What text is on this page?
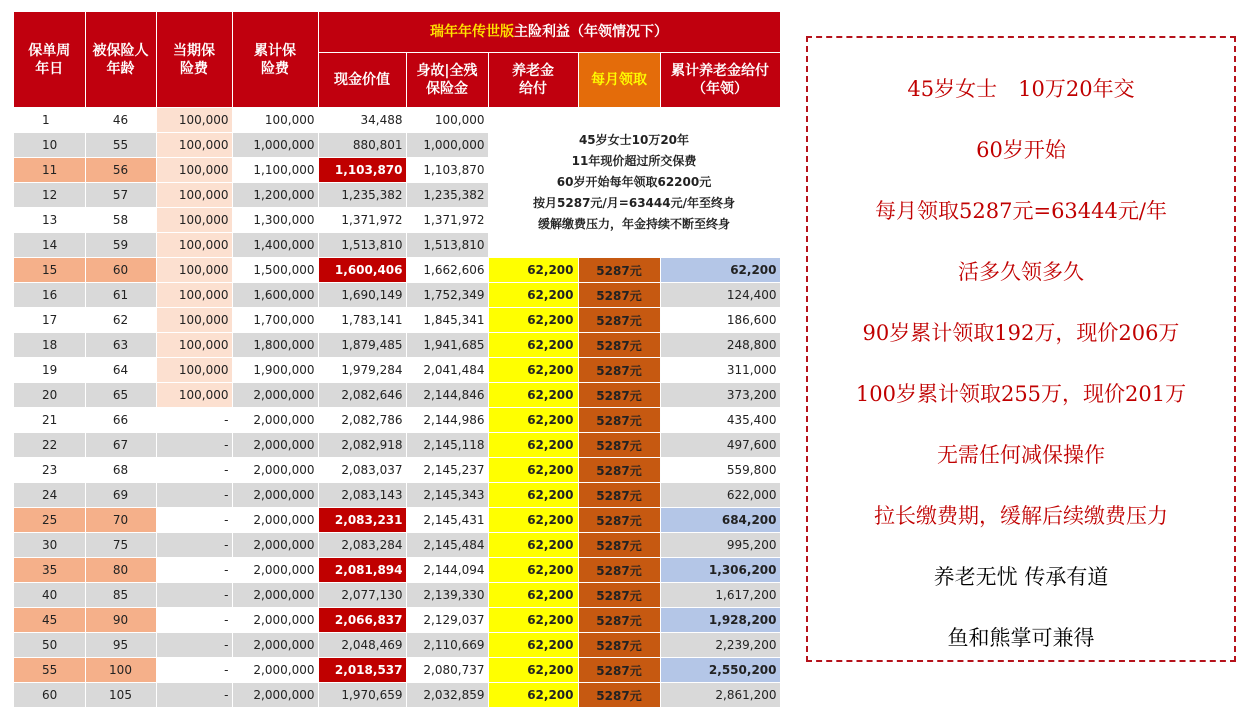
保单周年日	被保险人年龄	当期保险费	累计保险费	瑞年年传世版主险利益（年领情况下）				
				现金价值	身故|全残保险金	养老金给付	每月领取	累计养老金给付（年领）

1	46	100,000	100,000	34,488	100,000	45岁女士10万20年
11年现价超过所交保费
60岁开始每年领取62200元
按月5287元/月=63444元/年至终身
缓解缴费压力，年金持续不断至终身		

10	55	100,000	1,000,000	880,801	1,000,000			
11	56	100,000	1,100,000	1,103,870	1,103,870			
12	57	100,000	1,200,000	1,235,382	1,235,382			
13	58	100,000	1,300,000	1,371,972	1,371,972			
14	59	100,000	1,400,000	1,513,810	1,513,810			
15	60	100,000	1,500,000	1,600,406	1,662,606	62,200	5287元	62,200
16	61	100,000	1,600,000	1,690,149	1,752,349	62,200	5287元	124,400
17	62	100,000	1,700,000	1,783,141	1,845,341	62,200	5287元	186,600
18	63	100,000	1,800,000	1,879,485	1,941,685	62,200	5287元	248,800
19	64	100,000	1,900,000	1,979,284	2,041,484	62,200	5287元	311,000
20	65	100,000	2,000,000	2,082,646	2,144,846	62,200	5287元	373,200
21	66	-	2,000,000	2,082,786	2,144,986	62,200	5287元	435,400
22	67	-	2,000,000	2,082,918	2,145,118	62,200	5287元	497,600
23	68	-	2,000,000	2,083,037	2,145,237	62,200	5287元	559,800
24	69	-	2,000,000	2,083,143	2,145,343	62,200	5287元	622,000
25	70	-	2,000,000	2,083,231	2,145,431	62,200	5287元	684,200
30	75	-	2,000,000	2,083,284	2,145,484	62,200	5287元	995,200
35	80	-	2,000,000	2,081,894	2,144,094	62,200	5287元	1,306,200
40	85	-	2,000,000	2,077,130	2,139,330	62,200	5287元	1,617,200
45	90	-	2,000,000	2,066,837	2,129,037	62,200	5287元	1,928,200
50	95	-	2,000,000	2,048,469	2,110,669	62,200	5287元	2,239,200
55	100	-	2,000,000	2,018,537	2,080,737	62,200	5287元	2,550,200
60	105	-	2,000,000	1,970,659	2,032,859	62,200	5287元	2,861,200
45岁女士　10万20年交
60岁开始
每月领取5287元=63444元/年
活多久领多久
90岁累计领取192万，现价206万
100岁累计领取255万，现价201万
无需任何减保操作
拉长缴费期，缓解后续缴费压力
养老无忧 传承有道
鱼和熊掌可兼得
